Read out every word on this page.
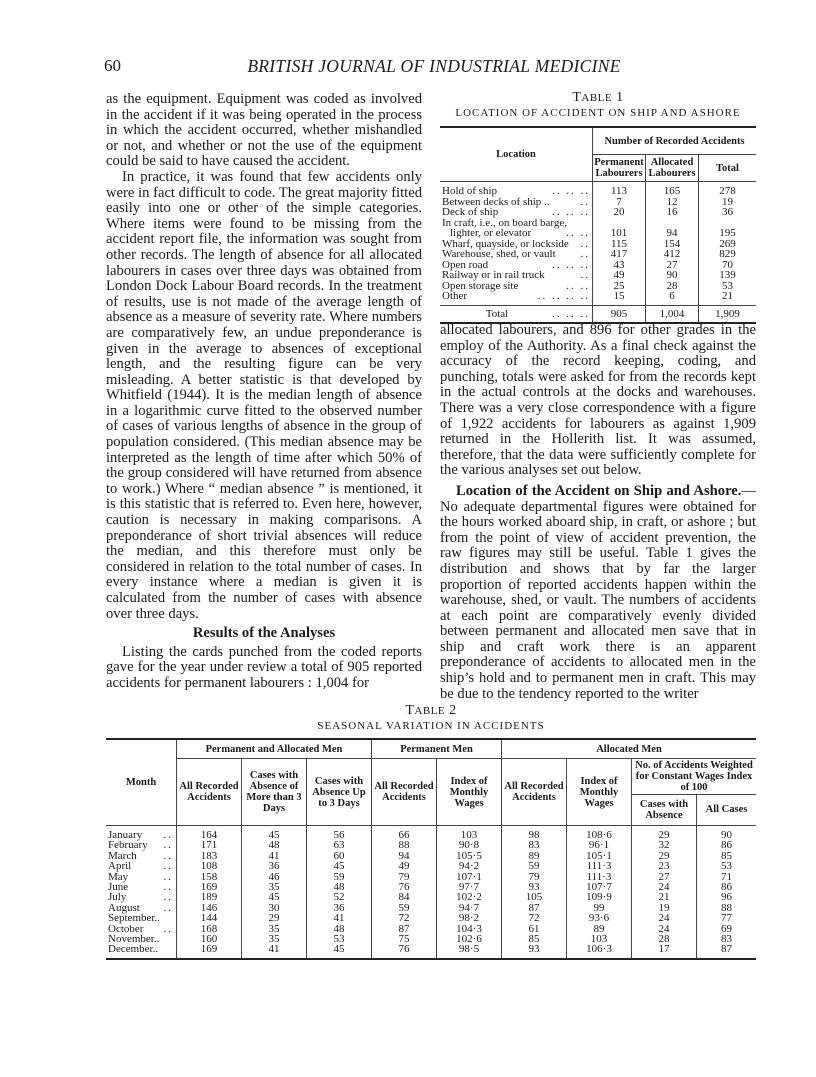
BRITISH JOURNAL OF INDUSTRIAL MEDICINE
60

as the equipment. Equipment was coded as involved in the accident if it was being operated in the process in which the accident occurred, whether mishandled or not, and whether or not the use of the equipment could be said to have caused the accident.

In practice, it was found that few accidents only were in fact difficult to code. The great majority fitted easily into one or other of the simple categories. Where items were found to be missing from the accident report file, the information was sought from other records. The length of absence for all allocated labourers in cases over three days was obtained from London Dock Labour Board records. In the treatment of results, use is not made of the average length of absence as a measure of severity rate. Where numbers are comparatively few, an undue preponderance is given in the average to absences of exceptional length, and the resulting figure can be very misleading. A better statistic is that developed by Whitfield (1944). It is the median length of absence in a logarithmic curve fitted to the observed number of cases of various lengths of absence in the group of population considered. (This median absence may be interpreted as the length of time after which 50% of the group considered will have returned from absence to work.) Where “ median absence ” is mentioned, it is this statistic that is referred to. Even here, however, caution is necessary in making comparisons. A preponderance of short trivial absences will reduce the median, and this therefore must only be considered in relation to the total number of cases. In every instance where a median is given it is calculated from the number of cases with absence over three days.

Results of the Analyses

Listing the cards punched from the coded reports gave for the year under review a total of 905 reported accidents for permanent labourers : 1,004 for

TABLE 1
LOCATION OF ACCIDENT ON SHIP AND ASHORE
Location	Number of Recorded Accidents		
	Permanent Labourers	Allocated Labourers	Total

.. .. ..
Hold of ship	113	165	278

..
Between decks of ship ..	7	12	19

.. .. ..
Deck of ship	20	16	36

In craft, i.e., on board barge,			

.. ..
lighter, or elevator	101	94	195

..
Wharf, quayside, or lockside	115	154	269

..
Warehouse, shed, or vault	417	412	829

.. .. ..
Open road	43	27	70

..
Railway or in rail truck	49	90	139

.. ..
Open storage site	25	28	53

.. .. .. ..
Other	15	6	21

.. .. ..
Total	905	1,004	1,909

allocated labourers, and 896 for other grades in the employ of the Authority. As a final check against the accuracy of the record keeping, coding, and punching, totals were asked for from the records kept in the actual controls at the docks and warehouses. There was a very close correspondence with a figure of 1,922 accidents for labourers as against 1,909 returned in the Hollerith list. It was assumed, therefore, that the data were sufficiently complete for the various analyses set out below.

Location of the Accident on Ship and Ashore.—No adequate departmental figures were obtained for the hours worked aboard ship, in craft, or ashore ; but from the point of view of accident prevention, the raw figures may still be useful. Table 1 gives the distribution and shows that by far the larger proportion of reported accidents happen within the warehouse, shed, or vault. The numbers of accidents at each point are comparatively evenly divided between permanent and allocated men save that in ship and craft work there is an apparent preponderance of accidents to allocated men in the ship’s hold and to permanent men in craft. This may be due to the tendency reported to the writer

TABLE 2
SEASONAL VARIATION IN ACCIDENTS
Month	Permanent and Allocated Men			Permanent Men		Allocated Men			
	All Recorded Accidents	Cases with Absence of More than 3 Days	Cases with Absence Up to 3 Days	All Recorded Accidents	Index of Monthly Wages	All Recorded Accidents	Index of Monthly Wages	No. of Accidents Weighted for Constant Wages Index of 100	
								Cases with Absence	All Cases

..
January	164	45	56	66	103	98	108·6	29	90

..
February	171	48	63	88	90·8	83	96·1	32	86

..
March	183	41	60	94	105·5	89	105·1	29	85

..
April	108	36	45	49	94·2	59	111·3	23	53

..
May	158	46	59	79	107·1	79	111·3	27	71

..
June	169	35	48	76	97·7	93	107·7	24	86

..
July	189	45	52	84	102·2	105	109·9	21	96

..
August	146	30	36	59	94·7	87	99	19	88

September..	144	29	41	72	98·2	72	93·6	24	77

..
October	168	35	48	87	104·3	61	89	24	69

November..	160	35	53	75	102·6	85	103	28	83

December..	169	41	45	76	98·5	93	106·3	17	87
